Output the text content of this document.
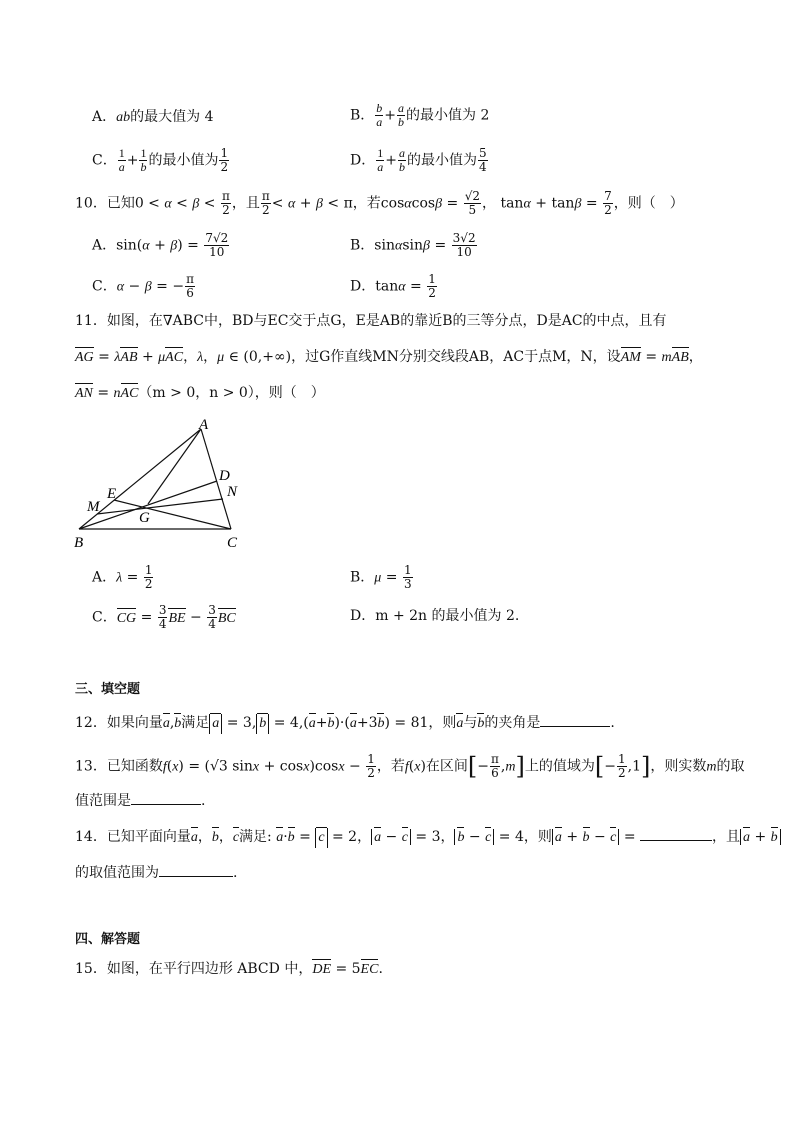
A．ab的最大值为 4	B． $\frac{b}{a} + \frac{a}{b}$ 的最小值为 2
C． $\frac{1}{a} + \frac{1}{b}$ 的最小值为 $\frac{1}{2}$	D． $\frac{1}{a} + \frac{a}{b}$ 的最小值为 $\frac{5}{4}$
10．已知$0 < \alpha < \beta < \frac{\pi}{2}$ ，且 $\frac{\pi}{2} < \alpha + \beta < \pi$，若$\cos\alpha\cos\beta = \frac{√2}{5}$ ， $\tan\alpha + \tan\beta = \frac{7}{2}$ ，则（　）
A．$\sin(\alpha + \beta) = \frac{7√2}{10}$	B．$\sin\alpha\sin\beta = \frac{3√2}{10}$
C．α − β = − $\frac{\pi}{6}$	D．$\tan\alpha = \frac{1}{2}$
11．如图，在∇ABC中，BD与EC交于点G，E是AB的靠近B的三等分点，D是AC的中点，且有
AG = λAB + μAC，λ，μ ∈ (0,+∞)，过G作直线MN分别交线段AB，AC于点M，N，设AM = mAB，
AN = nAC（m > 0，n > 0），则（　）
A
B	C
D
E
G
M
N
A．$\lambda = \frac{1}{2}$	B．$\mu = \frac{1}{3}$
C．CG = $\frac{3}{4}$ BE − $\frac{3}{4}$ BC	D．m + 2n 的最小值为 2.
三、填空题
12．如果向量a,b满足 a = 3, b = 4,(a+b)·(a+3b) = 81，则a与b的夹角是	.
13．已知函数f(x) = (√3 $\sin x + \cos x)\cos x - \frac{1}{2}$ ，若f(x)在区间[− $\frac{\pi}{6} ,m$]上的值域为[− $\frac{1}{2} ,1$]，则实数m的取
值范围是	.
14．已知平面向量a，b，c满足: a·b = c = 2， a − c = 3， b − c = 4，则 a + b − c =	，且 a + b
的取值范围为	.
四、解答题
15．如图，在平行四边形 ABCD 中，DE = 5EC.
